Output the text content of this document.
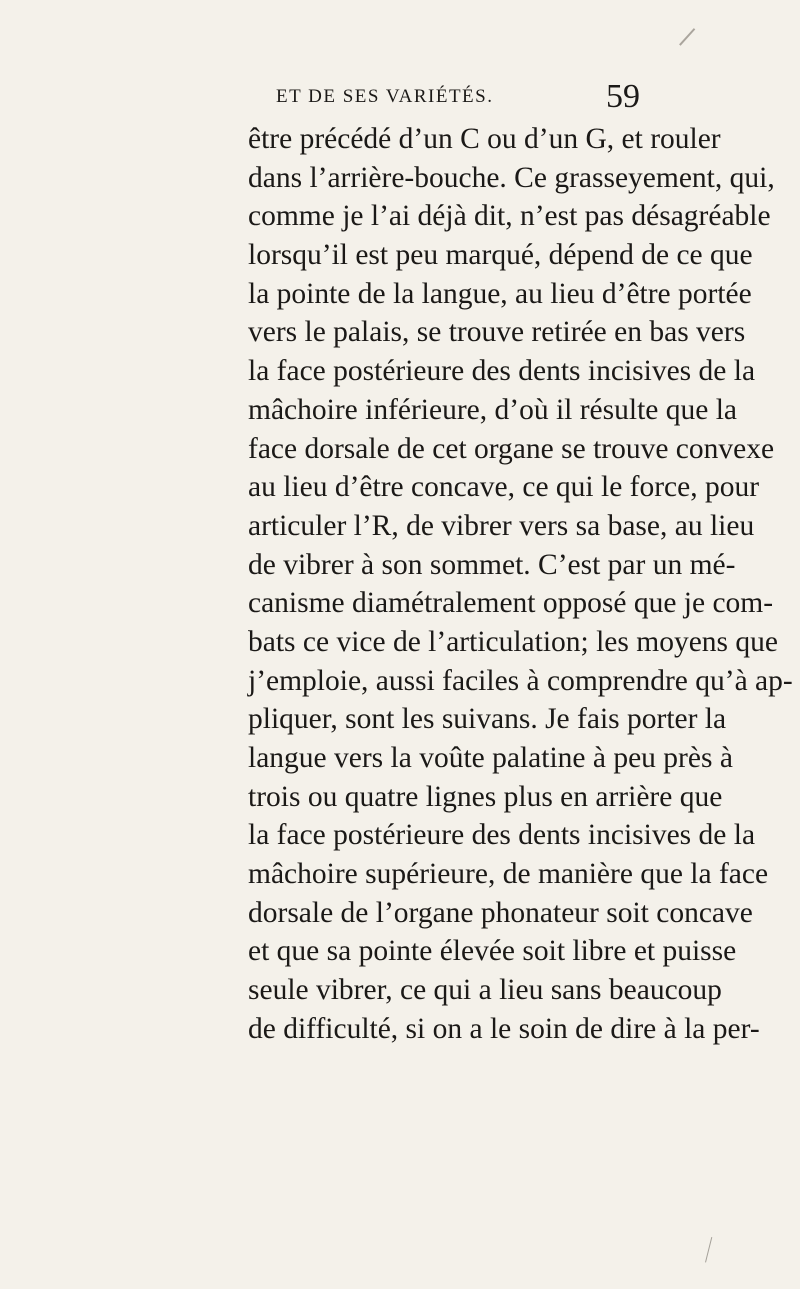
ET DE SES VARIÉTÉS.	59
être précédé d’un C ou d’un G, et rouler
dans l’arrière-bouche. Ce grasseyement, qui,
comme je l’ai déjà dit, n’est pas désagréable
lorsqu’il est peu marqué, dépend de ce que
la pointe de la langue, au lieu d’être portée
vers le palais, se trouve retirée en bas vers
la face postérieure des dents incisives de la
mâchoire inférieure, d’où il résulte que la
face dorsale de cet organe se trouve convexe
au lieu d’être concave, ce qui le force, pour
articuler l’R, de vibrer vers sa base, au lieu
de vibrer à son sommet. C’est par un mé-
canisme diamétralement opposé que je com-
bats ce vice de l’articulation; les moyens que
j’emploie, aussi faciles à comprendre qu’à ap-
pliquer, sont les suivans. Je fais porter la
langue vers la voûte palatine à peu près à
trois ou quatre lignes plus en arrière que
la face postérieure des dents incisives de la
mâchoire supérieure, de manière que la face
dorsale de l’organe phonateur soit concave
et que sa pointe élevée soit libre et puisse
seule vibrer, ce qui a lieu sans beaucoup
de difficulté, si on a le soin de dire à la per-
